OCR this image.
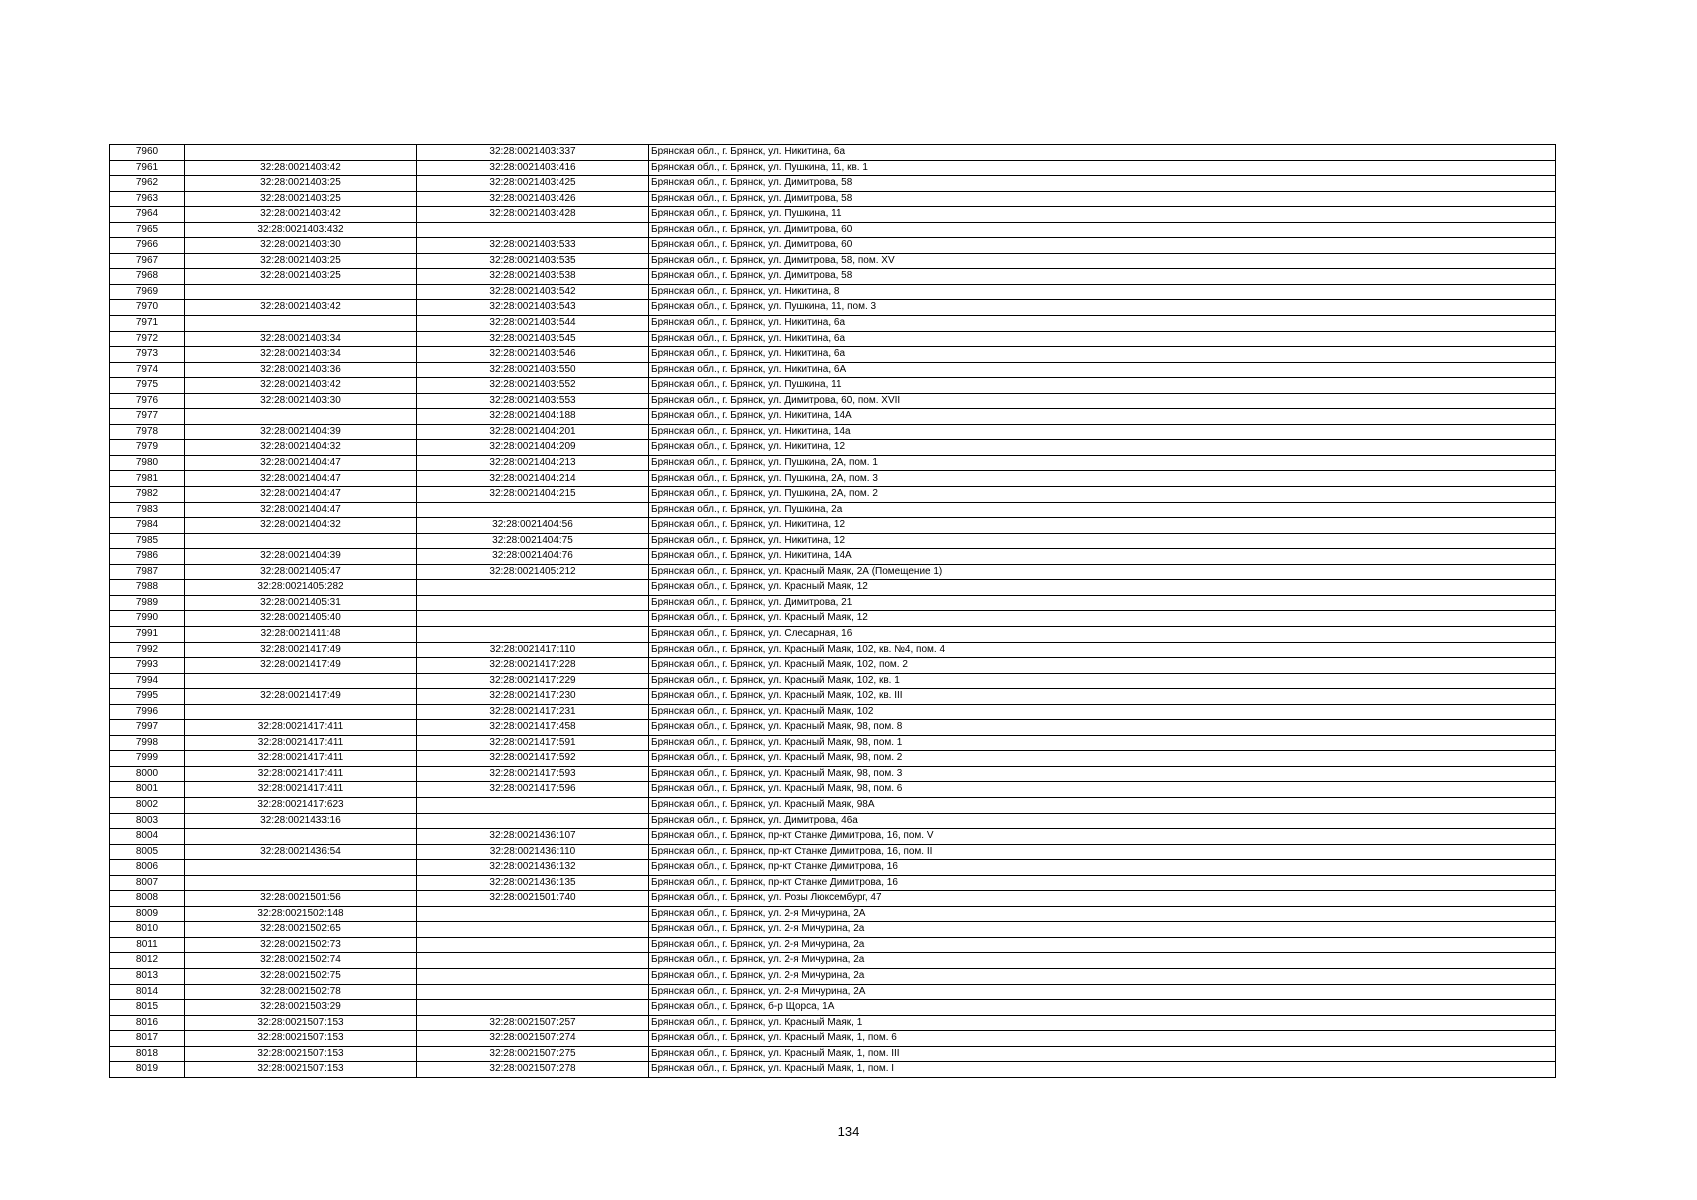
7960		32:28:0021403:337	Брянская обл., г. Брянск, ул. Никитина, 6а
7961	32:28:0021403:42	32:28:0021403:416	Брянская обл., г. Брянск, ул. Пушкина, 11, кв. 1
7962	32:28:0021403:25	32:28:0021403:425	Брянская обл., г. Брянск, ул. Димитрова, 58
7963	32:28:0021403:25	32:28:0021403:426	Брянская обл., г. Брянск, ул. Димитрова, 58
7964	32:28:0021403:42	32:28:0021403:428	Брянская обл., г. Брянск, ул. Пушкина, 11
7965	32:28:0021403:432		Брянская обл., г. Брянск, ул. Димитрова, 60
7966	32:28:0021403:30	32:28:0021403:533	Брянская обл., г. Брянск, ул. Димитрова, 60
7967	32:28:0021403:25	32:28:0021403:535	Брянская обл., г. Брянск, ул. Димитрова, 58, пом. XV
7968	32:28:0021403:25	32:28:0021403:538	Брянская обл., г. Брянск, ул. Димитрова, 58
7969		32:28:0021403:542	Брянская обл., г. Брянск, ул. Никитина, 8
7970	32:28:0021403:42	32:28:0021403:543	Брянская обл., г. Брянск, ул. Пушкина, 11, пом. 3
7971		32:28:0021403:544	Брянская обл., г. Брянск, ул. Никитина, 6а
7972	32:28:0021403:34	32:28:0021403:545	Брянская обл., г. Брянск, ул. Никитина, 6а
7973	32:28:0021403:34	32:28:0021403:546	Брянская обл., г. Брянск, ул. Никитина, 6а
7974	32:28:0021403:36	32:28:0021403:550	Брянская обл., г. Брянск, ул. Никитина, 6А
7975	32:28:0021403:42	32:28:0021403:552	Брянская обл., г. Брянск, ул. Пушкина, 11
7976	32:28:0021403:30	32:28:0021403:553	Брянская обл., г. Брянск, ул. Димитрова, 60, пом. XVII
7977		32:28:0021404:188	Брянская обл., г. Брянск, ул. Никитина, 14А
7978	32:28:0021404:39	32:28:0021404:201	Брянская обл., г. Брянск, ул. Никитина, 14а
7979	32:28:0021404:32	32:28:0021404:209	Брянская обл., г. Брянск, ул. Никитина, 12
7980	32:28:0021404:47	32:28:0021404:213	Брянская обл., г. Брянск, ул. Пушкина, 2А, пом. 1
7981	32:28:0021404:47	32:28:0021404:214	Брянская обл., г. Брянск, ул. Пушкина, 2А, пом. 3
7982	32:28:0021404:47	32:28:0021404:215	Брянская обл., г. Брянск, ул. Пушкина, 2А, пом. 2
7983	32:28:0021404:47		Брянская обл., г. Брянск, ул. Пушкина, 2а
7984	32:28:0021404:32	32:28:0021404:56	Брянская обл., г. Брянск, ул. Никитина, 12
7985		32:28:0021404:75	Брянская обл., г. Брянск, ул. Никитина, 12
7986	32:28:0021404:39	32:28:0021404:76	Брянская обл., г. Брянск, ул. Никитина, 14А
7987	32:28:0021405:47	32:28:0021405:212	Брянская обл., г. Брянск, ул. Красный Маяк, 2А (Помещение 1)
7988	32:28:0021405:282		Брянская обл., г. Брянск, ул. Красный Маяк, 12
7989	32:28:0021405:31		Брянская обл., г. Брянск, ул. Димитрова, 21
7990	32:28:0021405:40		Брянская обл., г. Брянск, ул. Красный Маяк, 12
7991	32:28:0021411:48		Брянская обл., г. Брянск, ул. Слесарная, 16
7992	32:28:0021417:49	32:28:0021417:110	Брянская обл., г. Брянск, ул. Красный Маяк, 102, кв. №4, пом. 4
7993	32:28:0021417:49	32:28:0021417:228	Брянская обл., г. Брянск, ул. Красный Маяк, 102, пом. 2
7994		32:28:0021417:229	Брянская обл., г. Брянск, ул. Красный Маяк, 102, кв. 1
7995	32:28:0021417:49	32:28:0021417:230	Брянская обл., г. Брянск, ул. Красный Маяк, 102, кв. III
7996		32:28:0021417:231	Брянская обл., г. Брянск, ул. Красный Маяк, 102
7997	32:28:0021417:411	32:28:0021417:458	Брянская обл., г. Брянск, ул. Красный Маяк, 98, пом. 8
7998	32:28:0021417:411	32:28:0021417:591	Брянская обл., г. Брянск, ул. Красный Маяк, 98, пом. 1
7999	32:28:0021417:411	32:28:0021417:592	Брянская обл., г. Брянск, ул. Красный Маяк, 98, пом. 2
8000	32:28:0021417:411	32:28:0021417:593	Брянская обл., г. Брянск, ул. Красный Маяк, 98, пом. 3
8001	32:28:0021417:411	32:28:0021417:596	Брянская обл., г. Брянск, ул. Красный Маяк, 98, пом. 6
8002	32:28:0021417:623		Брянская обл., г. Брянск, ул. Красный Маяк, 98А
8003	32:28:0021433:16		Брянская обл., г. Брянск, ул. Димитрова, 46а
8004		32:28:0021436:107	Брянская обл., г. Брянск, пр-кт Станке Димитрова, 16, пом. V
8005	32:28:0021436:54	32:28:0021436:110	Брянская обл., г. Брянск, пр-кт Станке Димитрова, 16, пом. II
8006		32:28:0021436:132	Брянская обл., г. Брянск, пр-кт Станке Димитрова, 16
8007		32:28:0021436:135	Брянская обл., г. Брянск, пр-кт Станке Димитрова, 16
8008	32:28:0021501:56	32:28:0021501:740	Брянская обл., г. Брянск, ул. Розы Люксембург, 47
8009	32:28:0021502:148		Брянская обл., г. Брянск, ул. 2-я Мичурина, 2А
8010	32:28:0021502:65		Брянская обл., г. Брянск, ул. 2-я Мичурина, 2а
8011	32:28:0021502:73		Брянская обл., г. Брянск, ул. 2-я Мичурина, 2а
8012	32:28:0021502:74		Брянская обл., г. Брянск, ул. 2-я Мичурина, 2а
8013	32:28:0021502:75		Брянская обл., г. Брянск, ул. 2-я Мичурина, 2а
8014	32:28:0021502:78		Брянская обл., г. Брянск, ул. 2-я Мичурина, 2А
8015	32:28:0021503:29		Брянская обл., г. Брянск, б-р Щорса, 1А
8016	32:28:0021507:153	32:28:0021507:257	Брянская обл., г. Брянск, ул. Красный Маяк, 1
8017	32:28:0021507:153	32:28:0021507:274	Брянская обл., г. Брянск, ул. Красный Маяк, 1, пом. 6
8018	32:28:0021507:153	32:28:0021507:275	Брянская обл., г. Брянск, ул. Красный Маяк, 1, пом. III
8019	32:28:0021507:153	32:28:0021507:278	Брянская обл., г. Брянск, ул. Красный Маяк, 1, пом. I
134
